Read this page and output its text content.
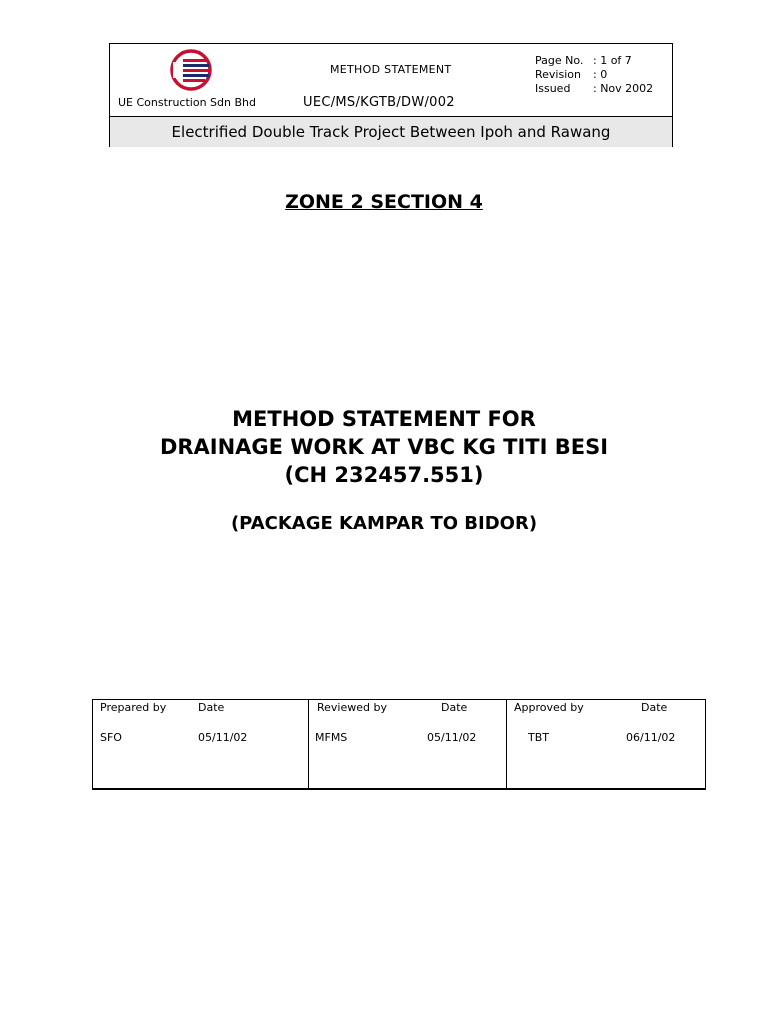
UE Construction Sdn Bhd
METHOD STATEMENT
UEC/MS/KGTB/DW/002
Page No. : 1 of 7
Revision	: 0
Issued	: Nov 2002
Electrified Double Track Project Between Ipoh and Rawang
ZONE 2 SECTION 4
METHOD STATEMENT FOR
DRAINAGE WORK AT VBC KG TITI BESI
(CH 232457.551)
(PACKAGE KAMPAR TO BIDOR)
Prepared by	Date
SFO	05/11/02
Reviewed by	Date
MFMS	05/11/02
Approved by	Date
TBT	06/11/02
